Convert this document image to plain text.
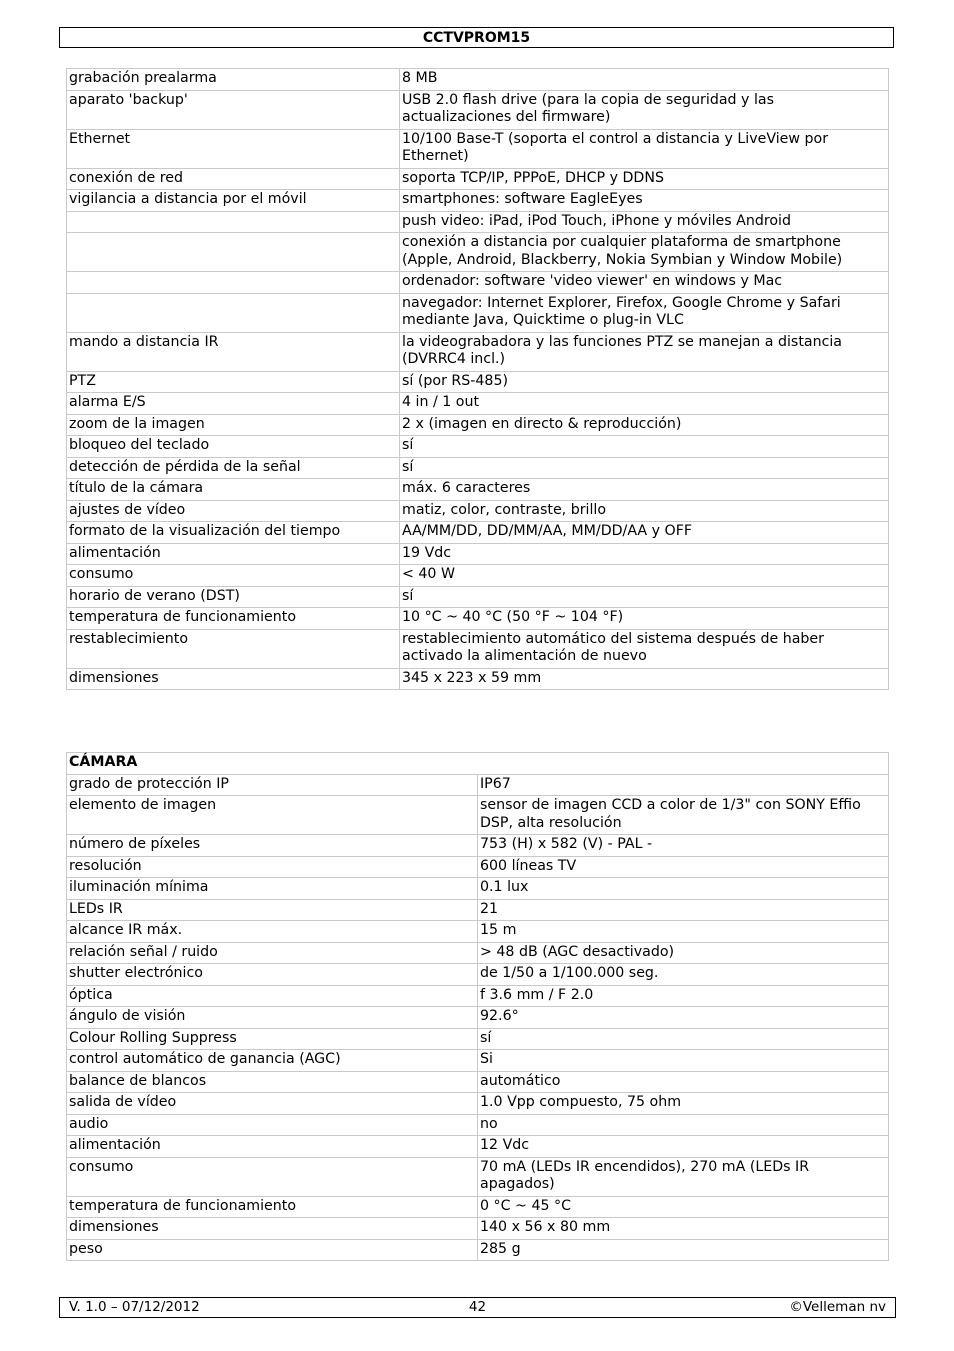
CCTVPROM15
grabación prealarma	8 MB
aparato 'backup'	USB 2.0 flash drive (para la copia de seguridad y las actualizaciones del firmware)
Ethernet	10/100 Base-T (soporta el control a distancia y LiveView por Ethernet)
conexión de red	soporta TCP/IP, PPPoE, DHCP y DDNS
vigilancia a distancia por el móvil	smartphones: software EagleEyes
	push video: iPad, iPod Touch, iPhone y móviles Android
	conexión a distancia por cualquier plataforma de smartphone (Apple, Android, Blackberry, Nokia Symbian y Window Mobile)
	ordenador: software 'video viewer' en windows y Mac
	navegador: Internet Explorer, Firefox, Google Chrome y Safari mediante Java, Quicktime o plug-in VLC
mando a distancia IR	la videograbadora y las funciones PTZ se manejan a distancia (DVRRC4 incl.)
PTZ	sí (por RS-485)
alarma E/S	4 in / 1 out
zoom de la imagen	2 x (imagen en directo & reproducción)
bloqueo del teclado	sí
detección de pérdida de la señal	sí
título de la cámara	máx. 6 caracteres
ajustes de vídeo	matiz, color, contraste, brillo
formato de la visualización del tiempo	AA/MM/DD, DD/MM/AA, MM/DD/AA y OFF
alimentación	19 Vdc
consumo	< 40 W
horario de verano (DST)	sí
temperatura de funcionamiento	10 °C ~ 40 °C (50 °F ~ 104 °F)
restablecimiento	restablecimiento automático del sistema después de haber activado la alimentación de nuevo
dimensiones	345 x 223 x 59 mm
CÁMARA	
grado de protección IP	IP67
elemento de imagen	sensor de imagen CCD a color de 1/3" con SONY Effio DSP, alta resolución
número de píxeles	753 (H) x 582 (V) - PAL -
resolución	600 líneas TV
iluminación mínima	0.1 lux
LEDs IR	21
alcance IR máx.	15 m
relación señal / ruido	> 48 dB (AGC desactivado)
shutter electrónico	de 1/50 a 1/100.000 seg.
óptica	f 3.6 mm / F 2.0
ángulo de visión	92.6°
Colour Rolling Suppress	sí
control automático de ganancia (AGC)	Si
balance de blancos	automático
salida de vídeo	1.0 Vpp compuesto, 75 ohm
audio	no
alimentación	12 Vdc
consumo	70 mA (LEDs IR encendidos), 270 mA (LEDs IR apagados)
temperatura de funcionamiento	0 °C ~ 45 °C
dimensiones	140 x 56 x 80 mm
peso	285 g
V. 1.0 – 07/12/2012	42	©Velleman nv
